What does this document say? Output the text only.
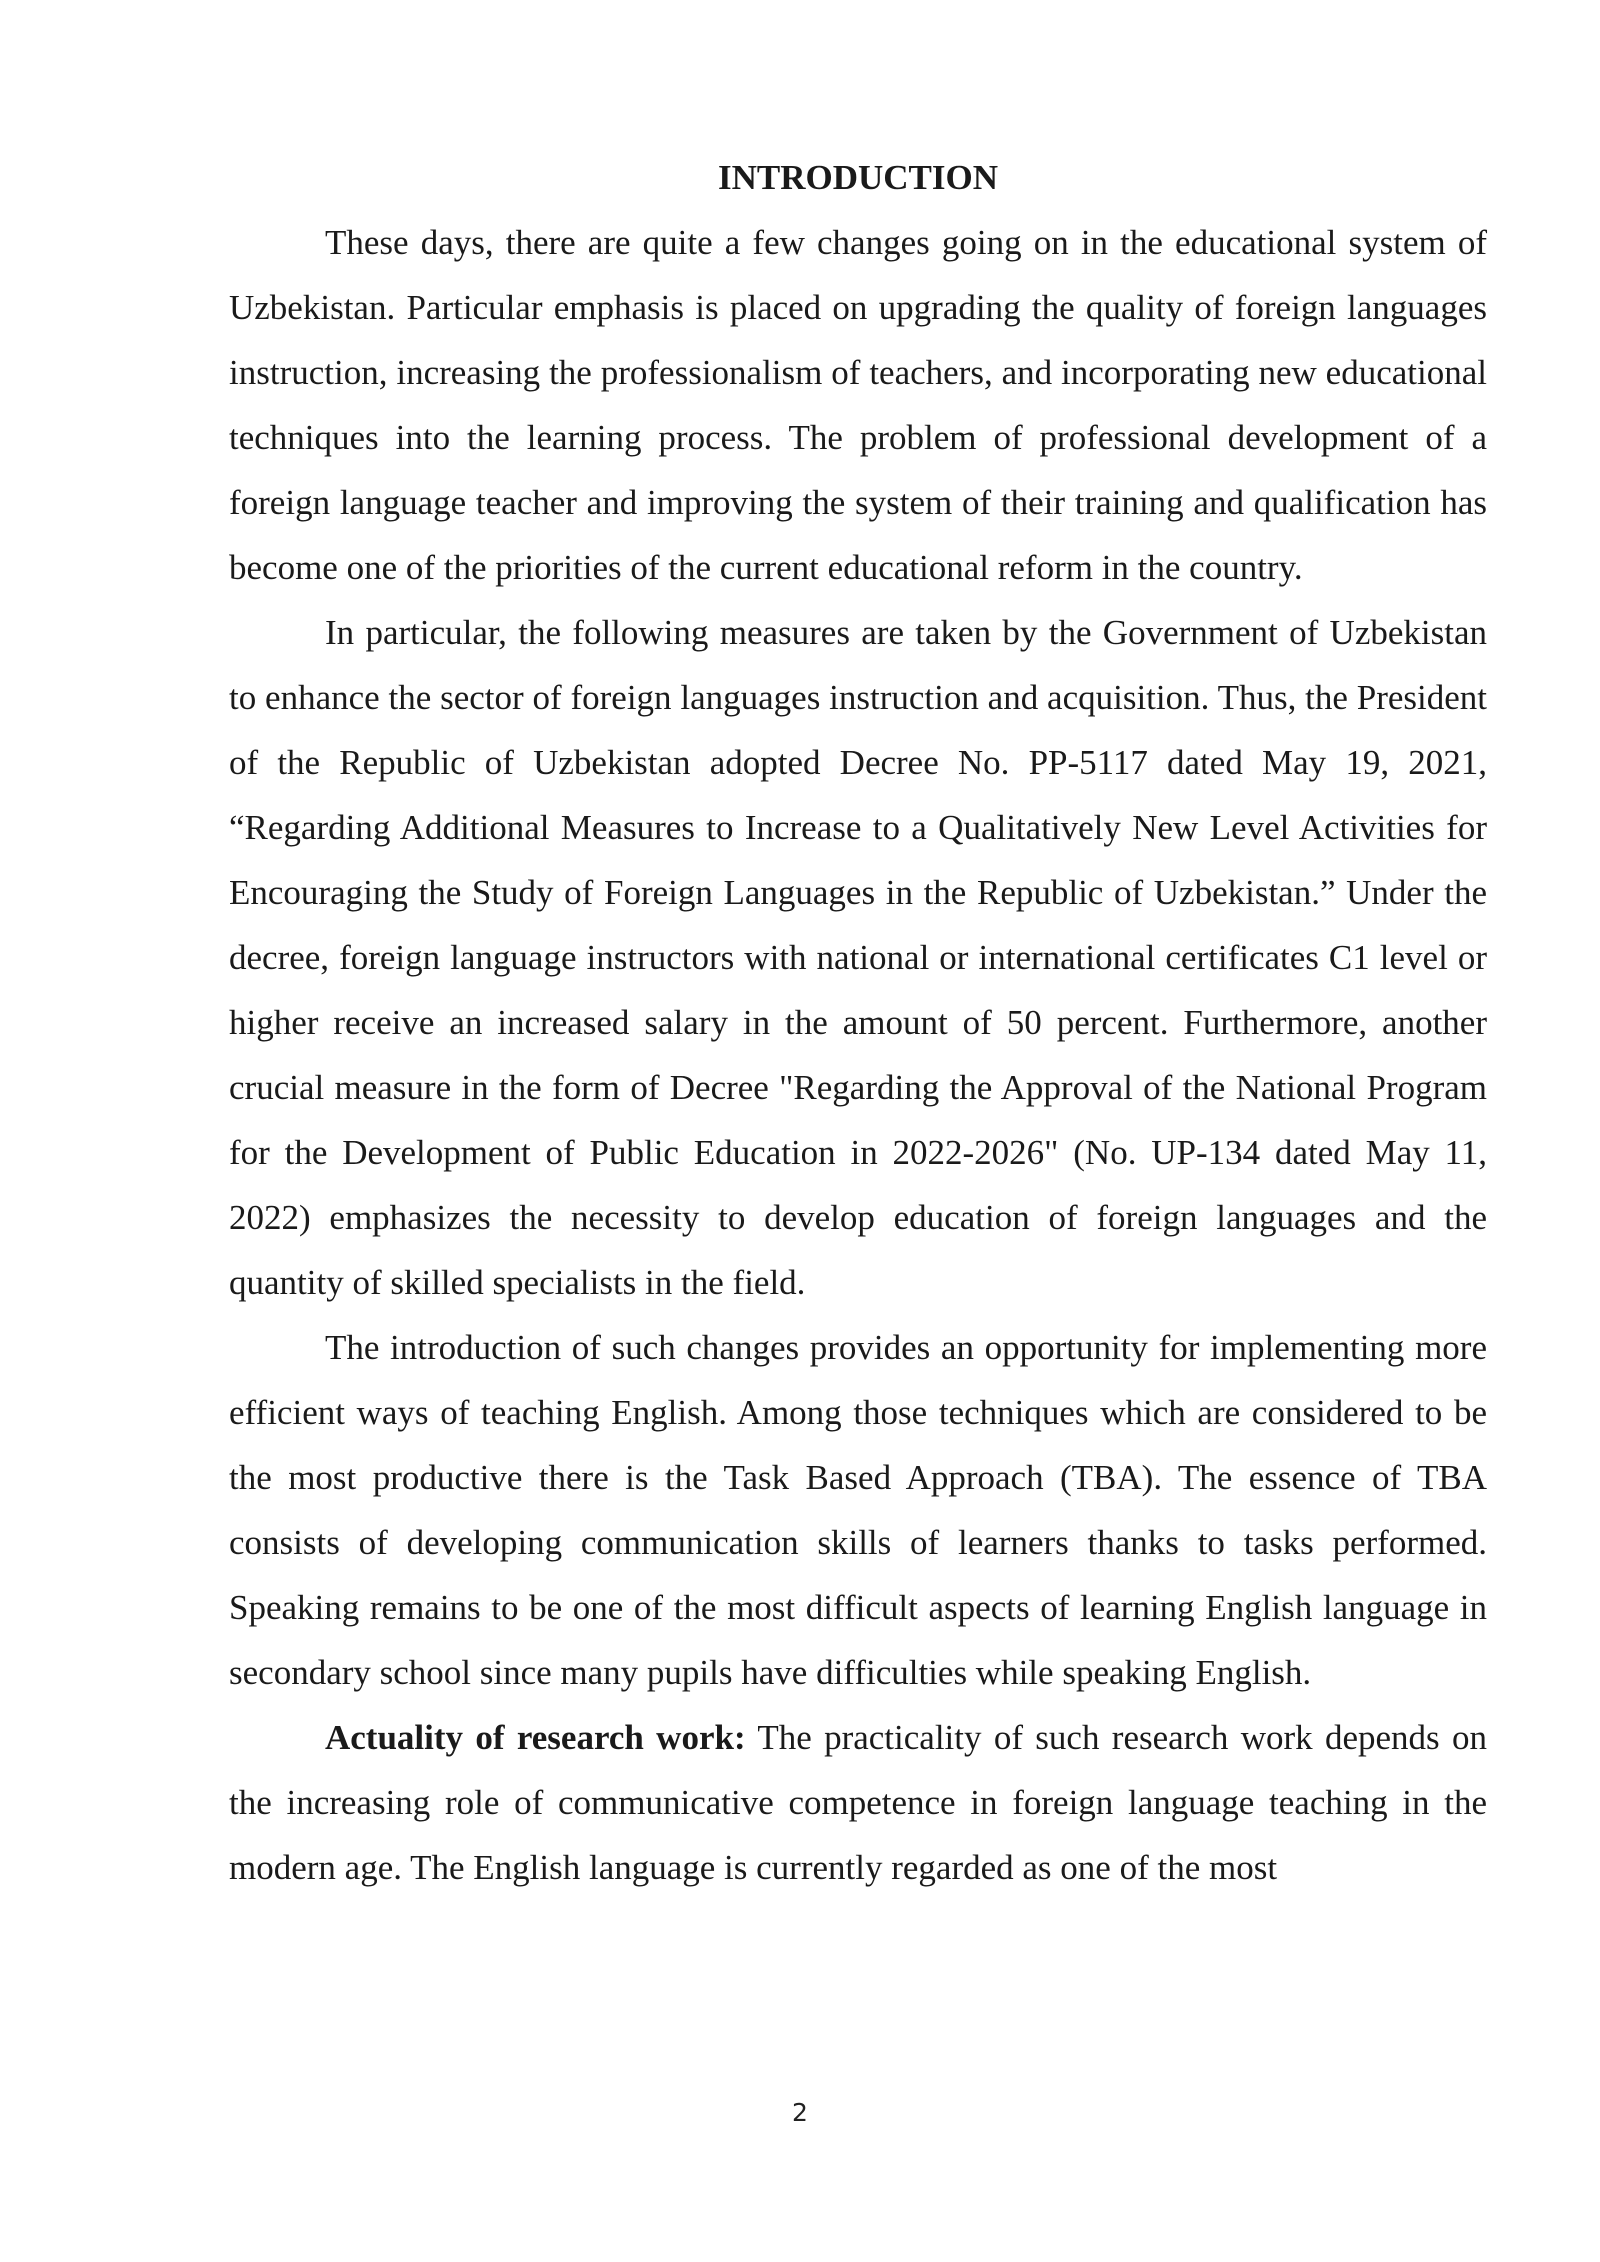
INTRODUCTION

These days, there are quite a few changes going on in the educational system of Uzbekistan. Particular emphasis is placed on upgrading the quality of foreign languages instruction, increasing the professionalism of teachers, and incorporating new educational techniques into the learning process. The problem of professional development of a foreign language teacher and improving the system of their training and qualification has become one of the priorities of the current educational reform in the country.

In particular, the following measures are taken by the Government of Uzbekistan to enhance the sector of foreign languages instruction and acquisition. Thus, the President of the Republic of Uzbekistan adopted Decree No. PP-5117 dated May 19, 2021, “Regarding Additional Measures to Increase to a Qualitatively New Level Activities for Encouraging the Study of Foreign Languages in the Republic of Uzbekistan.” Under the decree, foreign language instructors with national or international certificates C1 level or higher receive an increased salary in the amount of 50 percent. Furthermore, another crucial measure in the form of Decree "Regarding the Approval of the National Program for the Development of Public Education in 2022-2026" (No. UP-134 dated May 11, 2022) emphasizes the necessity to develop education of foreign languages and the quantity of skilled specialists in the field.

The introduction of such changes provides an opportunity for implementing more efficient ways of teaching English. Among those techniques which are considered to be the most productive there is the Task Based Approach (TBA). The essence of TBA consists of developing communication skills of learners thanks to tasks performed. Speaking remains to be one of the most difficult aspects of learning English language in secondary school since many pupils have difficulties while speaking English.

Actuality of research work: The practicality of such research work depends on the increasing role of communicative competence in foreign language teaching in the modern age. The English language is currently regarded as one of the most

2
